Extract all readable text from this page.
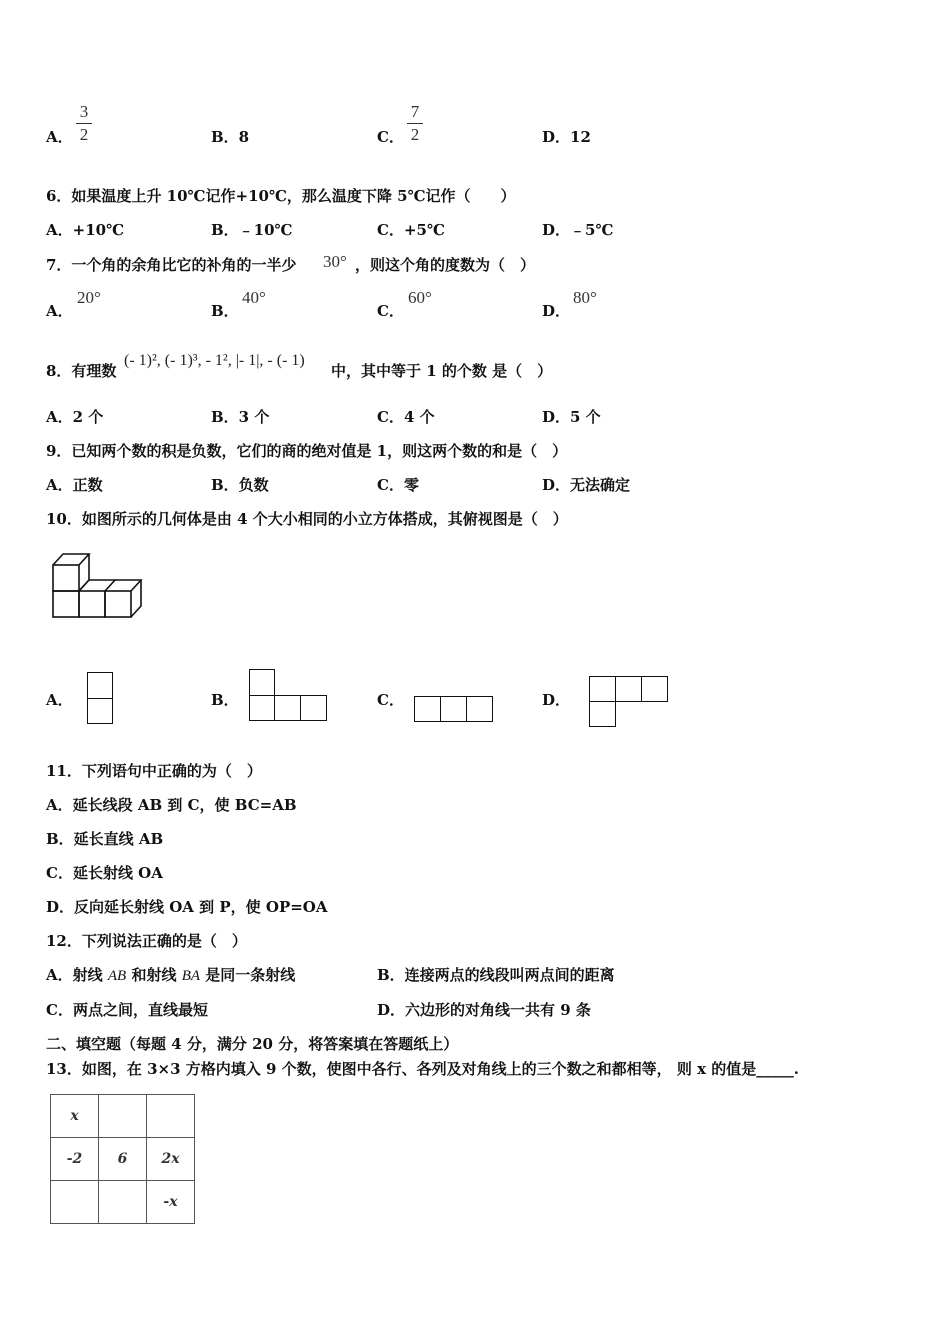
A．
3
2	B．8	C．
7
2	D．12
6．如果温度上升 10℃记作+10℃，那么温度下降 5℃记作（　　）
A．+10℃	B．﹣10℃	C．+5℃	D．﹣5℃
7．一个角的余角比它的补角的一半少 30° ，则这个角的度数为（　）
A．
20°
B．
40°
C．
60°
D．
80°
8．有理数
(- 1)², (- 1)³, - 1², |- 1|, - (- 1)
中，其中等于 1 的个数 是（　）
A．2 个	B．3 个	C．4 个	D．5 个
9．已知两个数的积是负数，它们的商的绝对值是 1，则这两个数的和是（　）
A．正数	B．负数	C．零	D．无法确定
10．如图所示的几何体是由 4 个大小相同的小立方体搭成，其俯视图是（　）
A．	B．	C．	D．
11．下列语句中正确的为（　）
A．延长线段 AB 到 C，使 BC=AB
B．延长直线 AB
C．延长射线 OA
D．反向延长射线 OA 到 P，使 OP=OA
12．下列说法正确的是（　）
A．射线 AB 和射线 BA 是同一条射线	B．连接两点的线段叫两点间的距离
C．两点之间，直线最短	D．六边形的对角线一共有 9 条
二、填空题（每题 4 分，满分 20 分，将答案填在答题纸上）
13．如图，在 3×3 方格内填入 9 个数，使图中各行、各列及对角线上的三个数之和都相等， 则 x 的值是_____.
x		
-2	6	2x
		-x
